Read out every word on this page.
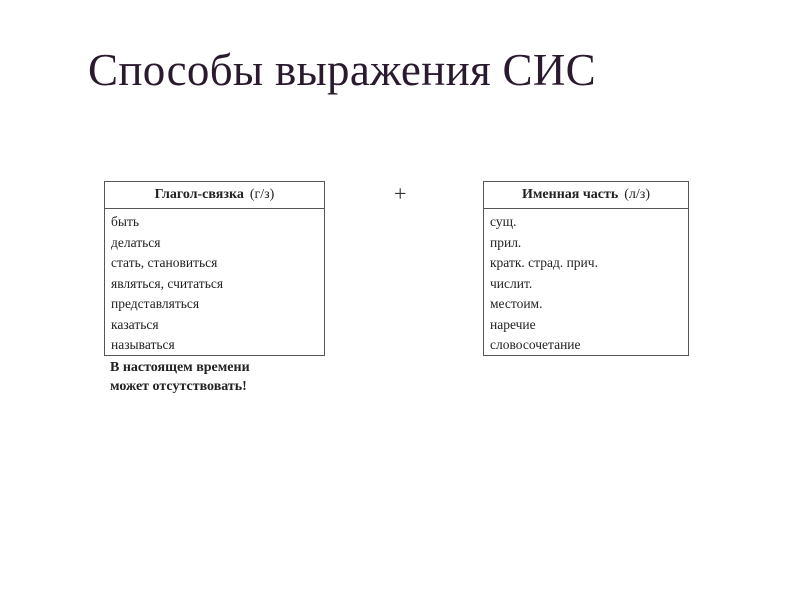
Способы выражения СИС
Глагол-связка (г/з)
быть
делаться
стать, становиться
являться, считаться
представляться
казаться
называться
+	Именная часть (л/з)
сущ.
прил.
кратк. страд. прич.
числит.
местоим.
наречие
словосочетание
В настоящем времени
может отсутствовать!
